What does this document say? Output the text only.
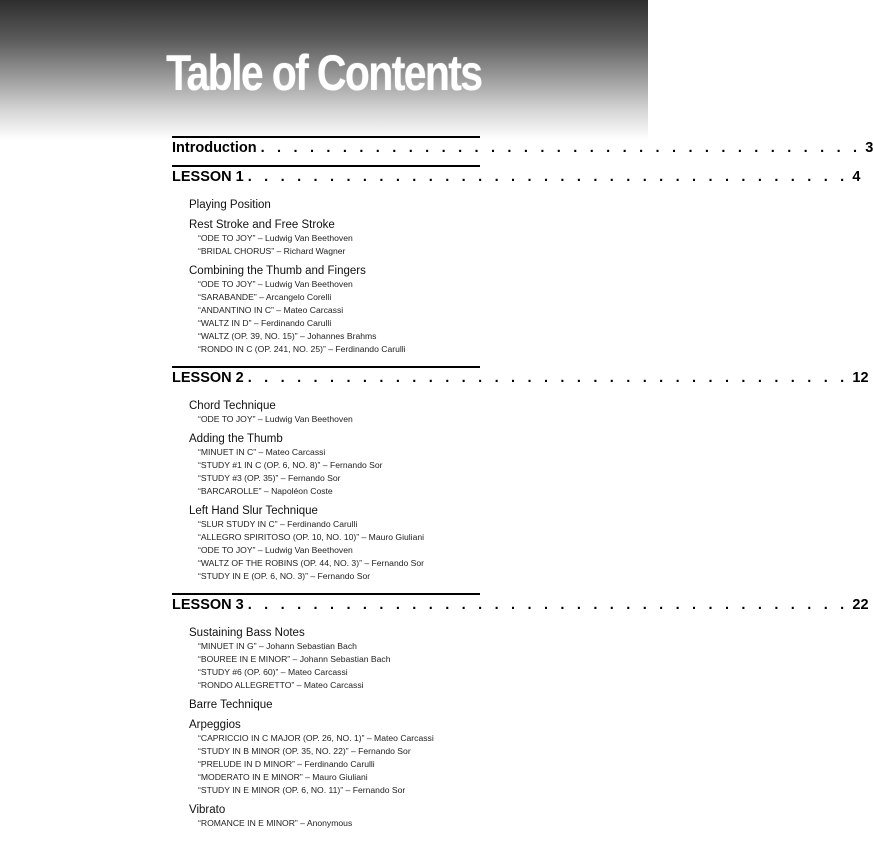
Table of Contents
Introduction . . . . . . . . . . . . . . . . . . . . . . . . . . . . . . . . . . . . . 3
LESSON 1 . . . . . . . . . . . . . . . . . . . . . . . . . . . . . . . . . . . . . 4
Playing Position
Rest Stroke and Free Stroke
“ODE TO JOY” – Ludwig Van Beethoven
“BRIDAL CHORUS” – Richard Wagner
Combining the Thumb and Fingers
“ODE TO JOY” – Ludwig Van Beethoven
“SARABANDE” – Arcangelo Corelli
“ANDANTINO IN C” – Mateo Carcassi
“WALTZ IN D” – Ferdinando Carulli
“WALTZ (OP. 39, NO. 15)” – Johannes Brahms
“RONDO IN C (OP. 241, NO. 25)” – Ferdinando Carulli
LESSON 2 . . . . . . . . . . . . . . . . . . . . . . . . . . . . . . . . . . . . . 12
Chord Technique
“ODE TO JOY” – Ludwig Van Beethoven
Adding the Thumb
“MINUET IN C” – Mateo Carcassi
“STUDY #1 IN C (OP. 6, NO. 8)” – Fernando Sor
“STUDY #3 (OP. 35)” – Fernando Sor
“BARCAROLLE” – Napoléon Coste
Left Hand Slur Technique
“SLUR STUDY IN C” – Ferdinando Carulli
“ALLEGRO SPIRITOSO (OP. 10, NO. 10)” – Mauro Giuliani
“ODE TO JOY” – Ludwig Van Beethoven
“WALTZ OF THE ROBINS (OP. 44, NO. 3)” – Fernando Sor
“STUDY IN E (OP. 6, NO. 3)” – Fernando Sor
LESSON 3 . . . . . . . . . . . . . . . . . . . . . . . . . . . . . . . . . . . . . 22
Sustaining Bass Notes
“MINUET IN G” – Johann Sebastian Bach
“BOUREE IN E MINOR” – Johann Sebastian Bach
“STUDY #6 (OP. 60)” – Mateo Carcassi
“RONDO ALLEGRETTO” – Mateo Carcassi
Barre Technique
Arpeggios
“CAPRICCIO IN C MAJOR (OP. 26, NO. 1)” – Mateo Carcassi
“STUDY IN B MINOR (OP. 35, NO. 22)” – Fernando Sor
“PRELUDE IN D MINOR” – Ferdinando Carulli
“MODERATO IN E MINOR” – Mauro Giuliani
“STUDY IN E MINOR (OP. 6, NO. 11)” – Fernando Sor
Vibrato
“ROMANCE IN E MINOR” – Anonymous
